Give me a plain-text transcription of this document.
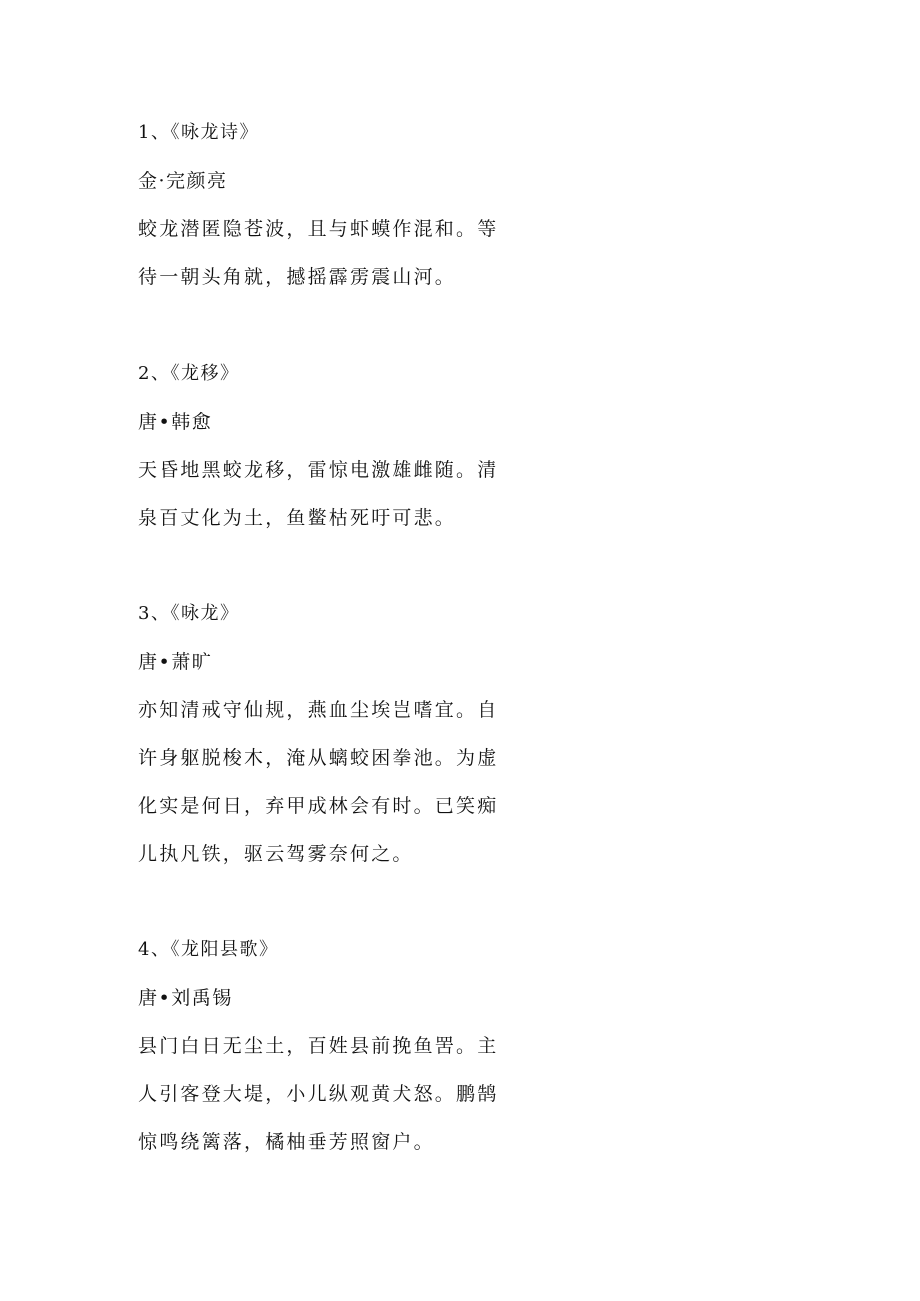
1、《咏龙诗》
金·完颜亮
蛟龙潜匿隐苍波，且与虾蟆作混和。等
待一朝头角就，撼摇霹雳震山河。
2、《龙移》
唐•韩愈
天昏地黑蛟龙移，雷惊电激雄雌随。清
泉百丈化为土，鱼鳖枯死吁可悲。
3、《咏龙》
唐•萧旷
亦知清戒守仙规，燕血尘埃岂嗜宜。自
许身躯脱梭木，淹从螭蛟困拳池。为虚
化实是何日，弃甲成林会有时。已笑痴
儿执凡铁，驱云驾雾奈何之。
4、《龙阳县歌》
唐•刘禹锡
县门白日无尘土，百姓县前挽鱼罟。主
人引客登大堤，小儿纵观黄犬怒。鹏鹄
惊鸣绕篱落，橘柚垂芳照窗户。
